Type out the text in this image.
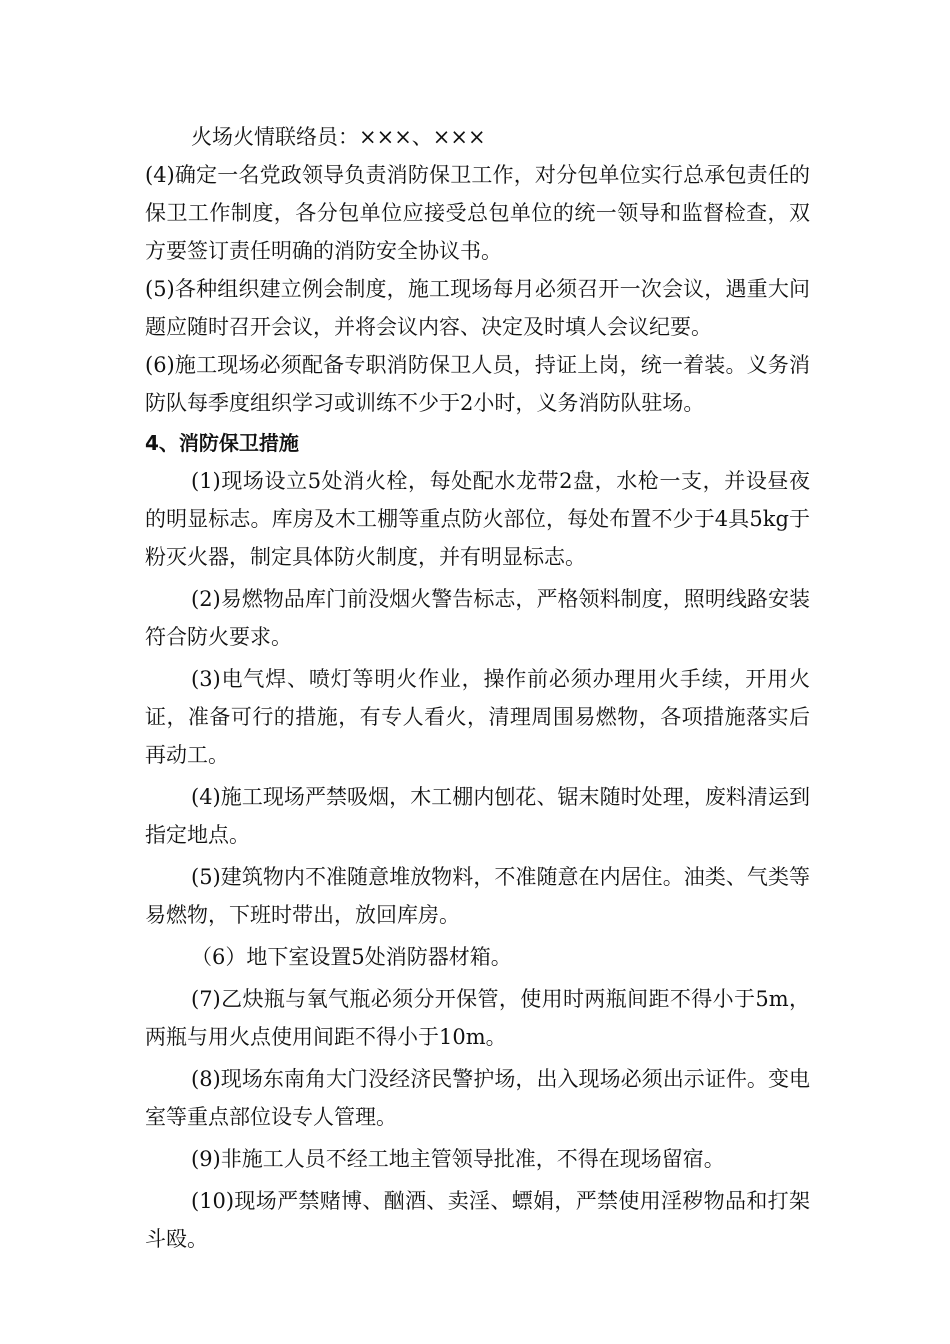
火场火情联络员：×××、×××

(4)确定一名党政领导负责消防保卫工作，对分包单位实行总承包责任的保卫工作制度，各分包单位应接受总包单位的统一领导和监督检查，双方要签订责任明确的消防安全协议书。

(5)各种组织建立例会制度，施工现场每月必须召开一次会议，遇重大问题应随时召开会议，并将会议内容、决定及时填人会议纪要。

(6)施工现场必须配备专职消防保卫人员，持证上岗，统一着装。义务消防队每季度组织学习或训练不少于2小时，义务消防队驻场。

4、消防保卫措施

(1)现场设立5处消火栓，每处配水龙带2盘，水枪一支，并设昼夜的明显标志。库房及木工棚等重点防火部位，每处布置不少于4具5kg于粉灭火器，制定具体防火制度，并有明显标志。

(2)易燃物品库门前没烟火警告标志，严格领料制度，照明线路安装符合防火要求。

(3)电气焊、喷灯等明火作业，操作前必须办理用火手续，开用火证，准备可行的措施，有专人看火，清理周围易燃物，各项措施落实后再动工。

(4)施工现场严禁吸烟，木工棚内刨花、锯末随时处理，废料清运到指定地点。

(5)建筑物内不准随意堆放物料，不准随意在内居住。油类、气类等易燃物，下班时带出，放回库房。

（6）地下室设置5处消防器材箱。

(7)乙炔瓶与氧气瓶必须分开保管，使用时两瓶间距不得小于5m，两瓶与用火点使用间距不得小于10m。

(8)现场东南角大门没经济民警护场，出入现场必须出示证件。变电室等重点部位设专人管理。

(9)非施工人员不经工地主管领导批准，不得在现场留宿。

(10)现场严禁赌博、酗酒、卖淫、螵娟，严禁使用淫秽物品和打架斗殴。
